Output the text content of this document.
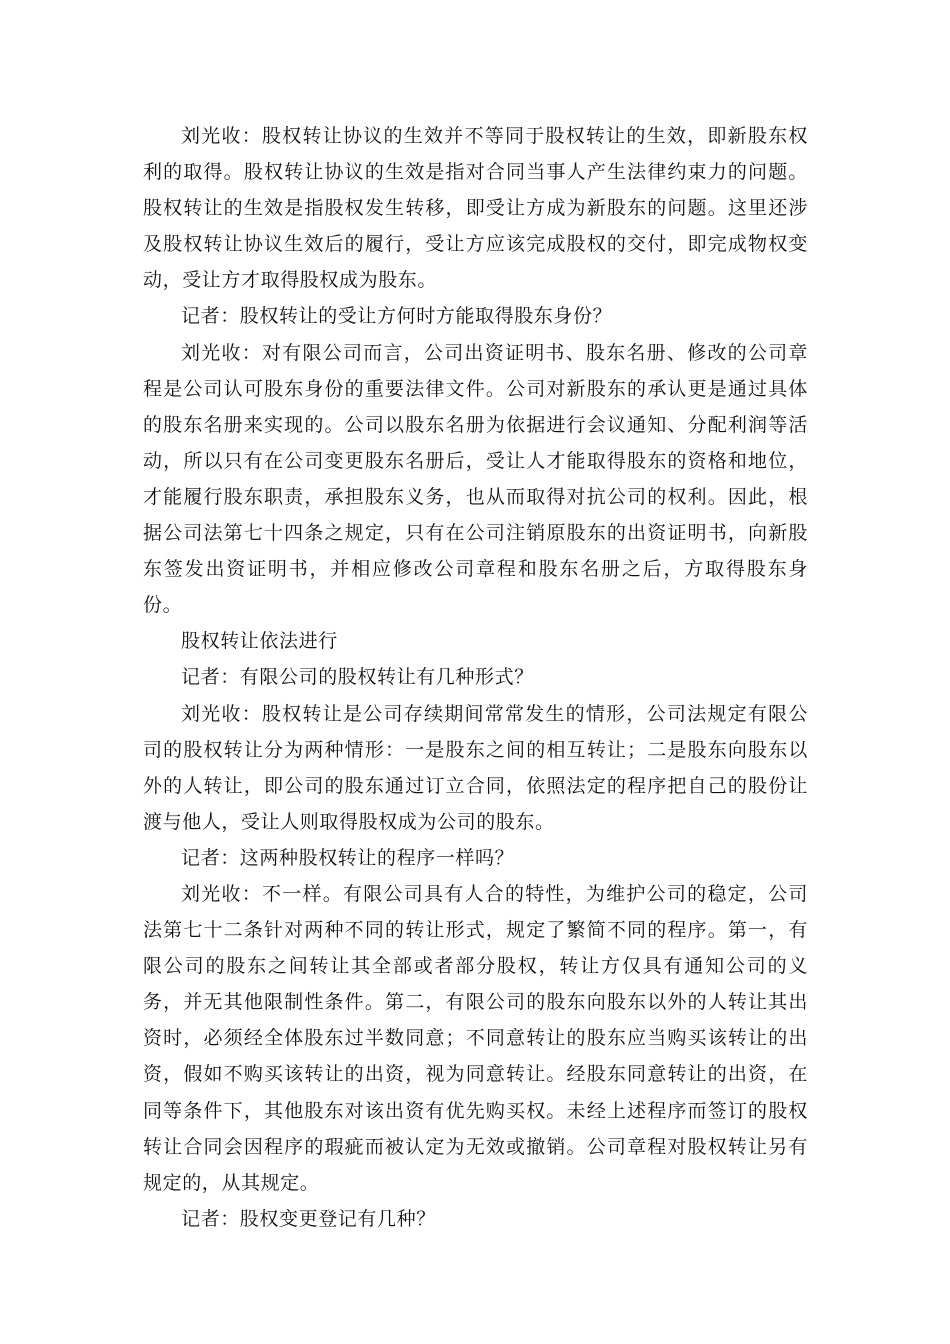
刘光收：股权转让协议的生效并不等同于股权转让的生效，即新股东权利的取得。股权转让协议的生效是指对合同当事人产生法律约束力的问题。股权转让的生效是指股权发生转移，即受让方成为新股东的问题。这里还涉及股权转让协议生效后的履行，受让方应该完成股权的交付，即完成物权变动，受让方才取得股权成为股东。

记者：股权转让的受让方何时方能取得股东身份？

刘光收：对有限公司而言，公司出资证明书、股东名册、修改的公司章程是公司认可股东身份的重要法律文件。公司对新股东的承认更是通过具体的股东名册来实现的。公司以股东名册为依据进行会议通知、分配利润等活动，所以只有在公司变更股东名册后，受让人才能取得股东的资格和地位，才能履行股东职责，承担股东义务，也从而取得对抗公司的权利。因此，根据公司法第七十四条之规定，只有在公司注销原股东的出资证明书，向新股东签发出资证明书，并相应修改公司章程和股东名册之后，方取得股东身份。

股权转让依法进行

记者：有限公司的股权转让有几种形式？

刘光收：股权转让是公司存续期间常常发生的情形，公司法规定有限公司的股权转让分为两种情形：一是股东之间的相互转让；二是股东向股东以外的人转让，即公司的股东通过订立合同，依照法定的程序把自己的股份让渡与他人，受让人则取得股权成为公司的股东。

记者：这两种股权转让的程序一样吗？

刘光收：不一样。有限公司具有人合的特性，为维护公司的稳定，公司法第七十二条针对两种不同的转让形式，规定了繁简不同的程序。第一，有限公司的股东之间转让其全部或者部分股权，转让方仅具有通知公司的义务，并无其他限制性条件。第二，有限公司的股东向股东以外的人转让其出资时，必须经全体股东过半数同意；不同意转让的股东应当购买该转让的出资，假如不购买该转让的出资，视为同意转让。经股东同意转让的出资，在同等条件下，其他股东对该出资有优先购买权。未经上述程序而签订的股权转让合同会因程序的瑕疵而被认定为无效或撤销。公司章程对股权转让另有规定的，从其规定。

记者：股权变更登记有几种？
